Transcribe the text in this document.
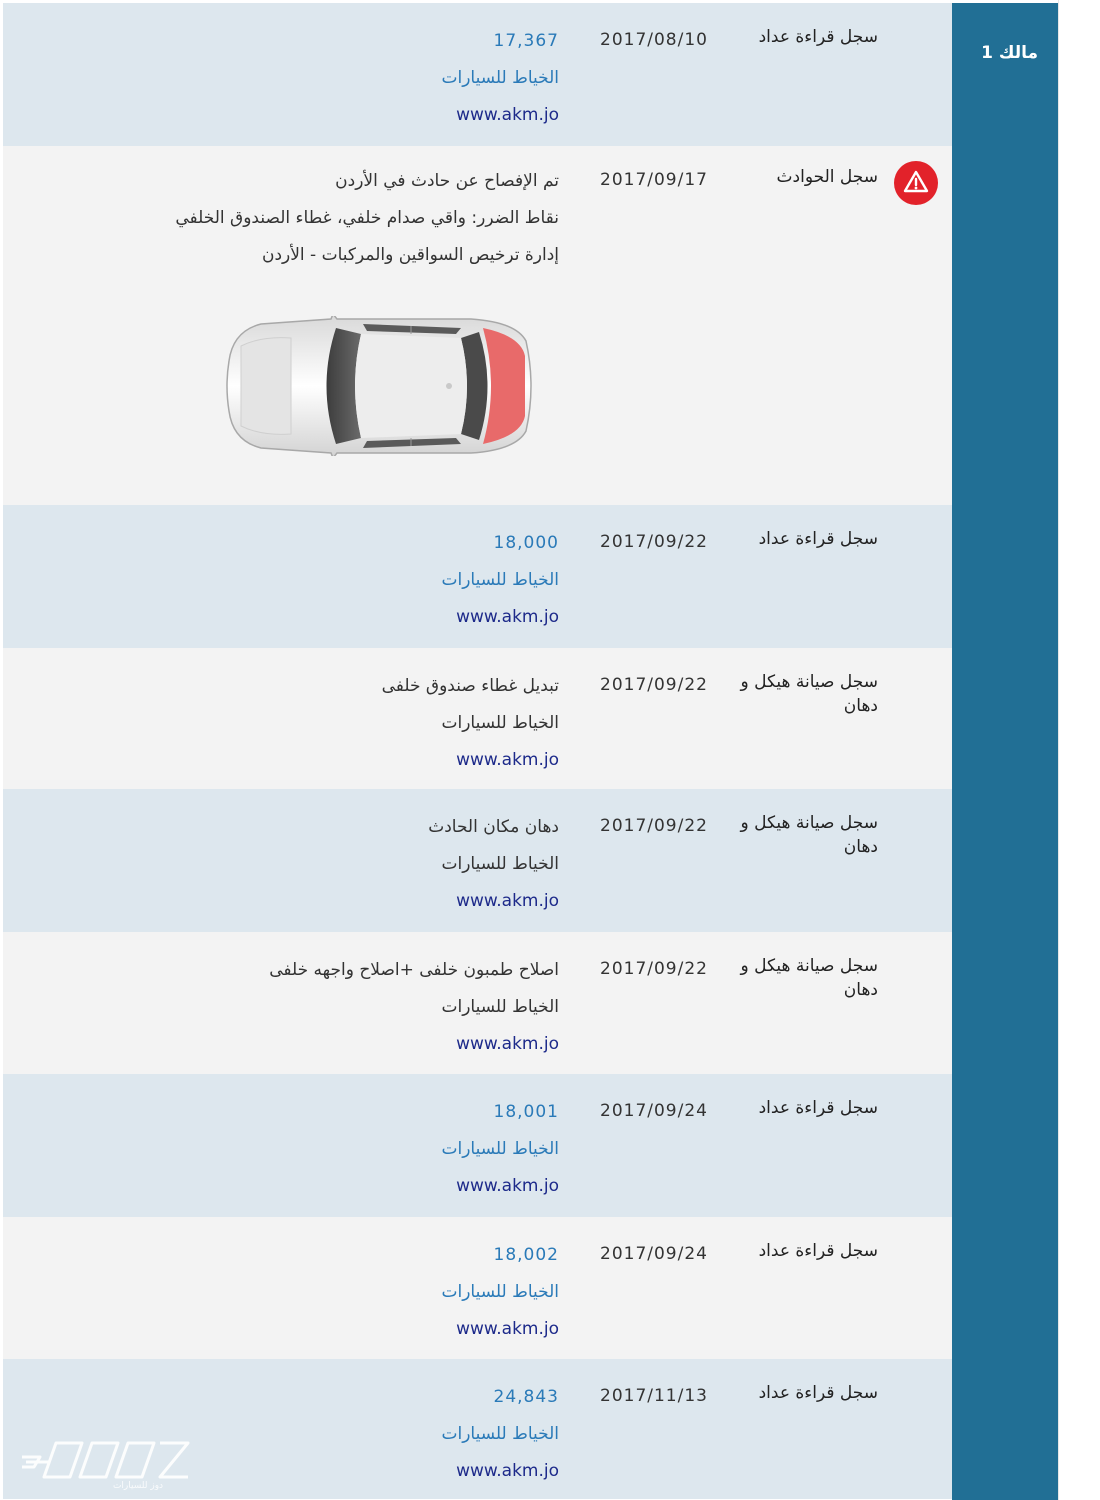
سجل قراءة عداد
2017/08/10
17,367
الخياط للسيارات
www.akm.jo
سجل الحوادث
2017/09/17
تم الإفصاح عن حادث في الأردن
نقاط الضرر: واقي صدام خلفي، غطاء الصندوق الخلفي
إدارة ترخيص السواقين والمركبات - الأردن
سجل قراءة عداد
2017/09/22
18,000
الخياط للسيارات
www.akm.jo
سجل صيانة هيكل و دهان
2017/09/22
تبديل غطاء صندوق خلفى
الخياط للسيارات
www.akm.jo
سجل صيانة هيكل و دهان
2017/09/22
دهان مكان الحادث
الخياط للسيارات
www.akm.jo
سجل صيانة هيكل و دهان
2017/09/22
اصلاح طمبون خلفى +اصلاح واجهه خلفى
الخياط للسيارات
www.akm.jo
سجل قراءة عداد
2017/09/24
18,001
الخياط للسيارات
www.akm.jo
سجل قراءة عداد
2017/09/24
18,002
الخياط للسيارات
www.akm.jo
سجل قراءة عداد
2017/11/13
24,843
الخياط للسيارات
www.akm.jo
مالك 1
دوز للسيارات
